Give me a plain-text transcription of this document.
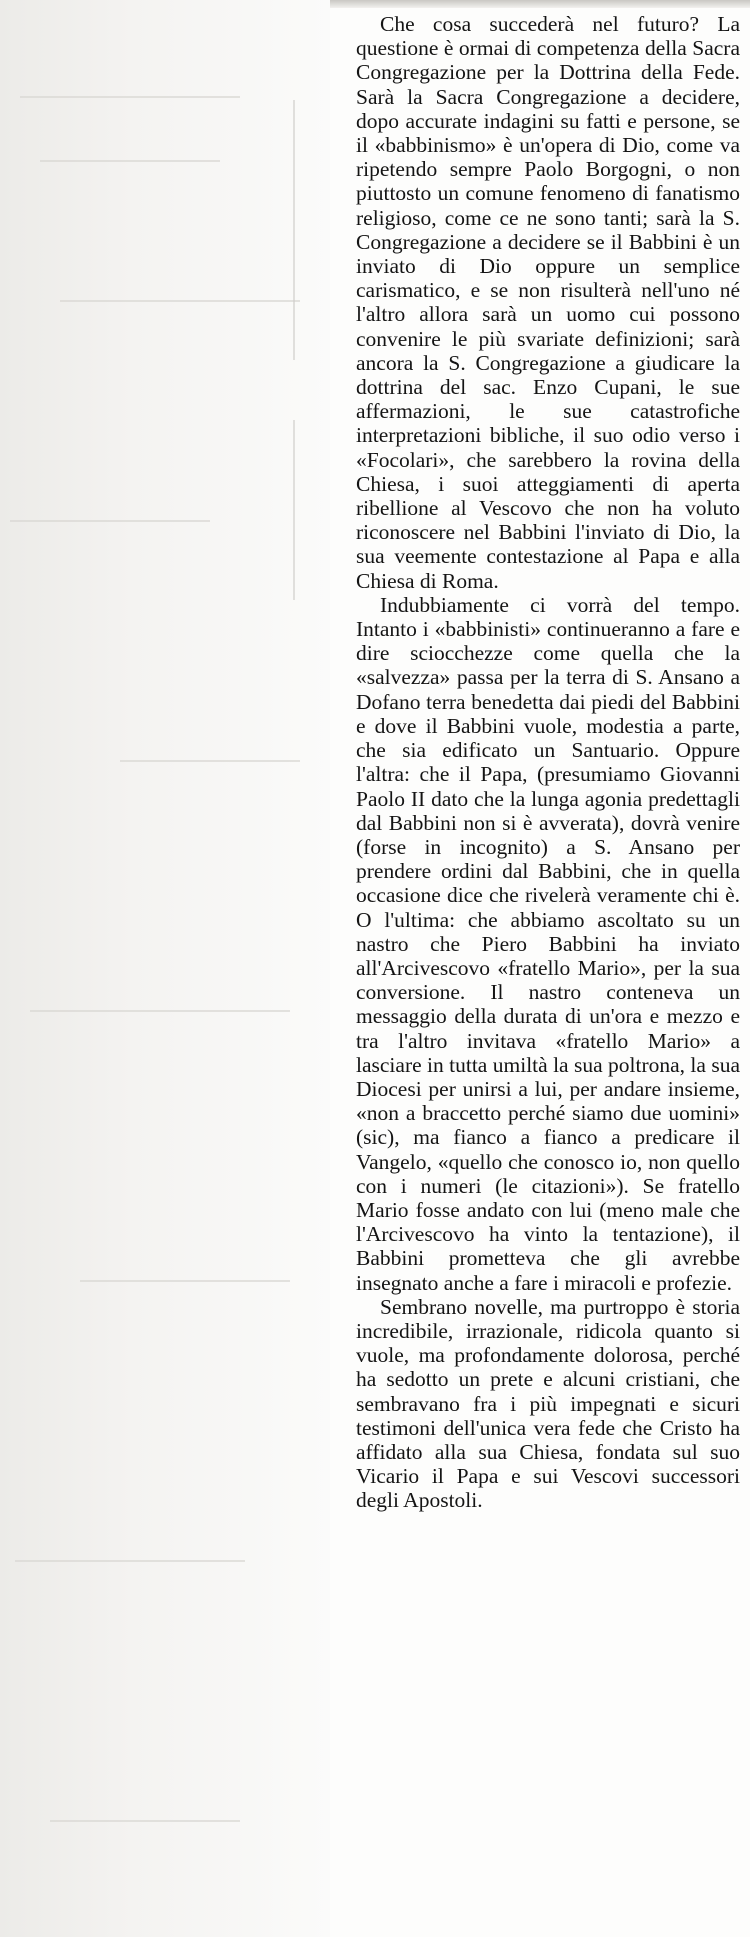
Che cosa succederà nel futuro? La questione è ormai di competenza della Sacra Congregazione per la Dottrina della Fede. Sarà la Sacra Congregazione a decidere, dopo accurate indagini su fatti e persone, se il «babbinismo» è un'opera di Dio, come va ripetendo sempre Paolo Borgogni, o non piuttosto un comune fenomeno di fanatismo religioso, come ce ne sono tanti; sarà la S. Congregazione a decidere se il Babbini è un inviato di Dio oppure un semplice carismatico, e se non risulterà nell'uno né l'altro allora sarà un uomo cui possono convenire le più svariate definizioni; sarà ancora la S. Congregazione a giudicare la dottrina del sac. Enzo Cupani, le sue affermazioni, le sue catastrofiche interpretazioni bibliche, il suo odio verso i «Focolari», che sarebbero la rovina della Chiesa, i suoi atteggiamenti di aperta ribellione al Vescovo che non ha voluto riconoscere nel Babbini l'inviato di Dio, la sua veemente contestazione al Papa e alla Chiesa di Roma.

Indubbiamente ci vorrà del tempo. Intanto i «babbinisti» continueranno a fare e dire sciocchezze come quella che la «salvezza» passa per la terra di S. Ansano a Dofano terra benedetta dai piedi del Babbini e dove il Babbini vuole, modestia a parte, che sia edificato un Santuario. Oppure l'altra: che il Papa, (presumiamo Giovanni Paolo II dato che la lunga agonia predettagli dal Babbini non si è avverata), dovrà venire (forse in incognito) a S. Ansano per prendere ordini dal Babbini, che in quella occasione dice che rivelerà veramente chi è. O l'ultima: che abbiamo ascoltato su un nastro che Piero Babbini ha inviato all'Arcivescovo «fratello Mario», per la sua conversione. Il nastro conteneva un messaggio della durata di un'ora e mezzo e tra l'altro invitava «fratello Mario» a lasciare in tutta umiltà la sua poltrona, la sua Diocesi per unirsi a lui, per andare insieme, «non a braccetto perché siamo due uomini» (sic), ma fianco a fianco a predicare il Vangelo, «quello che conosco io, non quello con i numeri (le citazioni»). Se fratello Mario fosse andato con lui (meno male che l'Arcivescovo ha vinto la tentazione), il Babbini prometteva che gli avrebbe insegnato anche a fare i miracoli e profezie.

Sembrano novelle, ma purtroppo è storia incredibile, irrazionale, ridicola quanto si vuole, ma profondamente dolorosa, perché ha sedotto un prete e alcuni cristiani, che sembravano fra i più impegnati e sicuri testimoni dell'unica vera fede che Cristo ha affidato alla sua Chiesa, fondata sul suo Vicario il Papa e sui Vescovi successori degli Apostoli.
